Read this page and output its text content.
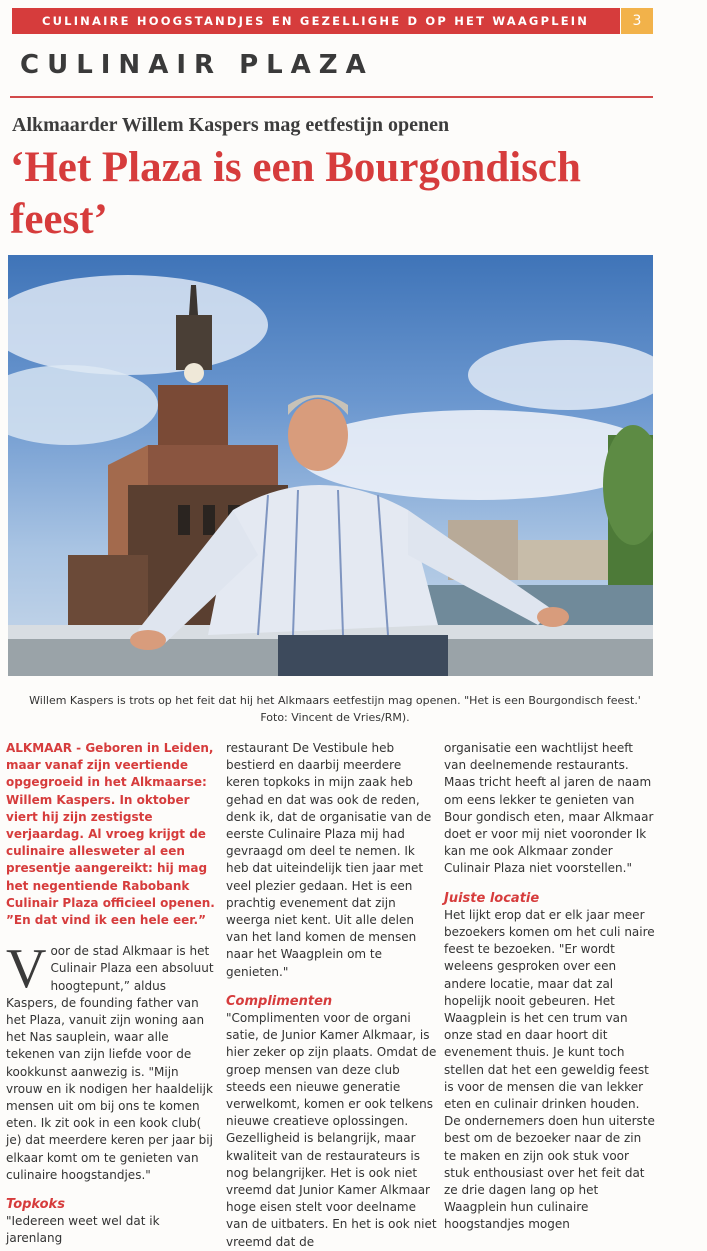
CULINAIRE HOOGSTANDJES EN GEZELLIGHE D OP HET WAAGPLEIN	3
CULINAIR PLAZA
Alkmaarder Willem Kaspers mag eetfestijn openen
‘Het Plaza is een Bourgondisch feest’
Willem Kaspers is trots op het feit dat hij het Alkmaars eetfestijn mag openen. "Het is een Bourgondisch feest.'
Foto: Vincent de Vries/RM).

ALKMAAR - Geboren in Leiden, maar vanaf zijn veertiende opgegroeid in het Alkmaarse: Willem Kaspers. In oktober viert hij zijn zestigste verjaardag. Al vroeg krijgt de culinaire allesweter al een presentje aangereikt: hij mag het negentiende Rabobank Culinair Plaza officieel openen. ”En dat vind ik een hele eer.”

V oor de stad Alkmaar is het Culinair Plaza een absoluut hoogtepunt,” aldus Kaspers, de founding father van het Plaza, vanuit zijn woning aan het Nas sauplein, waar alle tekenen van zijn liefde voor de kookkunst aanwezig is. "Mijn vrouw en ik nodigen her haaldelijk mensen uit om bij ons te komen eten. Ik zit ook in een kook club( je) dat meerdere keren per jaar bij elkaar komt om te genieten van culinaire hoogstandjes."

Topkoks

"Iedereen weet wel dat ik jarenlang

restaurant De Vestibule heb bestierd en daarbij meerdere keren topkoks in mijn zaak heb gehad en dat was ook de reden, denk ik, dat de organisatie van de eerste Culinaire Plaza mij had gevraagd om deel te nemen. Ik heb dat uiteindelijk tien jaar met veel plezier gedaan. Het is een prachtig evenement dat zijn weerga niet kent. Uit alle delen van het land komen de mensen naar het Waagplein om te genieten."

Complimenten

"Complimenten voor de organi satie, de Junior Kamer Alkmaar, is hier zeker op zijn plaats. Omdat de groep mensen van deze club steeds een nieuwe generatie verwelkomt, komen er ook telkens nieuwe creatieve oplossingen. Gezelligheid is belangrijk, maar kwaliteit van de restaurateurs is nog belangrijker. Het is ook niet vreemd dat Junior Kamer Alkmaar hoge eisen stelt voor deelname van de uitbaters. En het is ook niet vreemd dat de

organisatie een wachtlijst heeft van deelnemende restaurants. Maas tricht heeft al jaren de naam om eens lekker te genieten van Bour gondisch eten, maar Alkmaar doet er voor mij niet vooronder Ik kan me ook Alkmaar zonder Culinair Plaza niet voorstellen."

Juiste locatie

Het lijkt erop dat er elk jaar meer bezoekers komen om het culi naire feest te bezoeken. "Er wordt weleens gesproken over een andere locatie, maar dat zal hopelijk nooit gebeuren. Het Waagplein is het cen trum van onze stad en daar hoort dit evenement thuis. Je kunt toch stellen dat het een geweldig feest is voor de mensen die van lekker eten en culinair drinken houden. De ondernemers doen hun uiterste best om de bezoeker naar de zin te maken en zijn ook stuk voor stuk enthousiast over het feit dat ze drie dagen lang op het Waagplein hun culinaire hoogstandjes mogen
